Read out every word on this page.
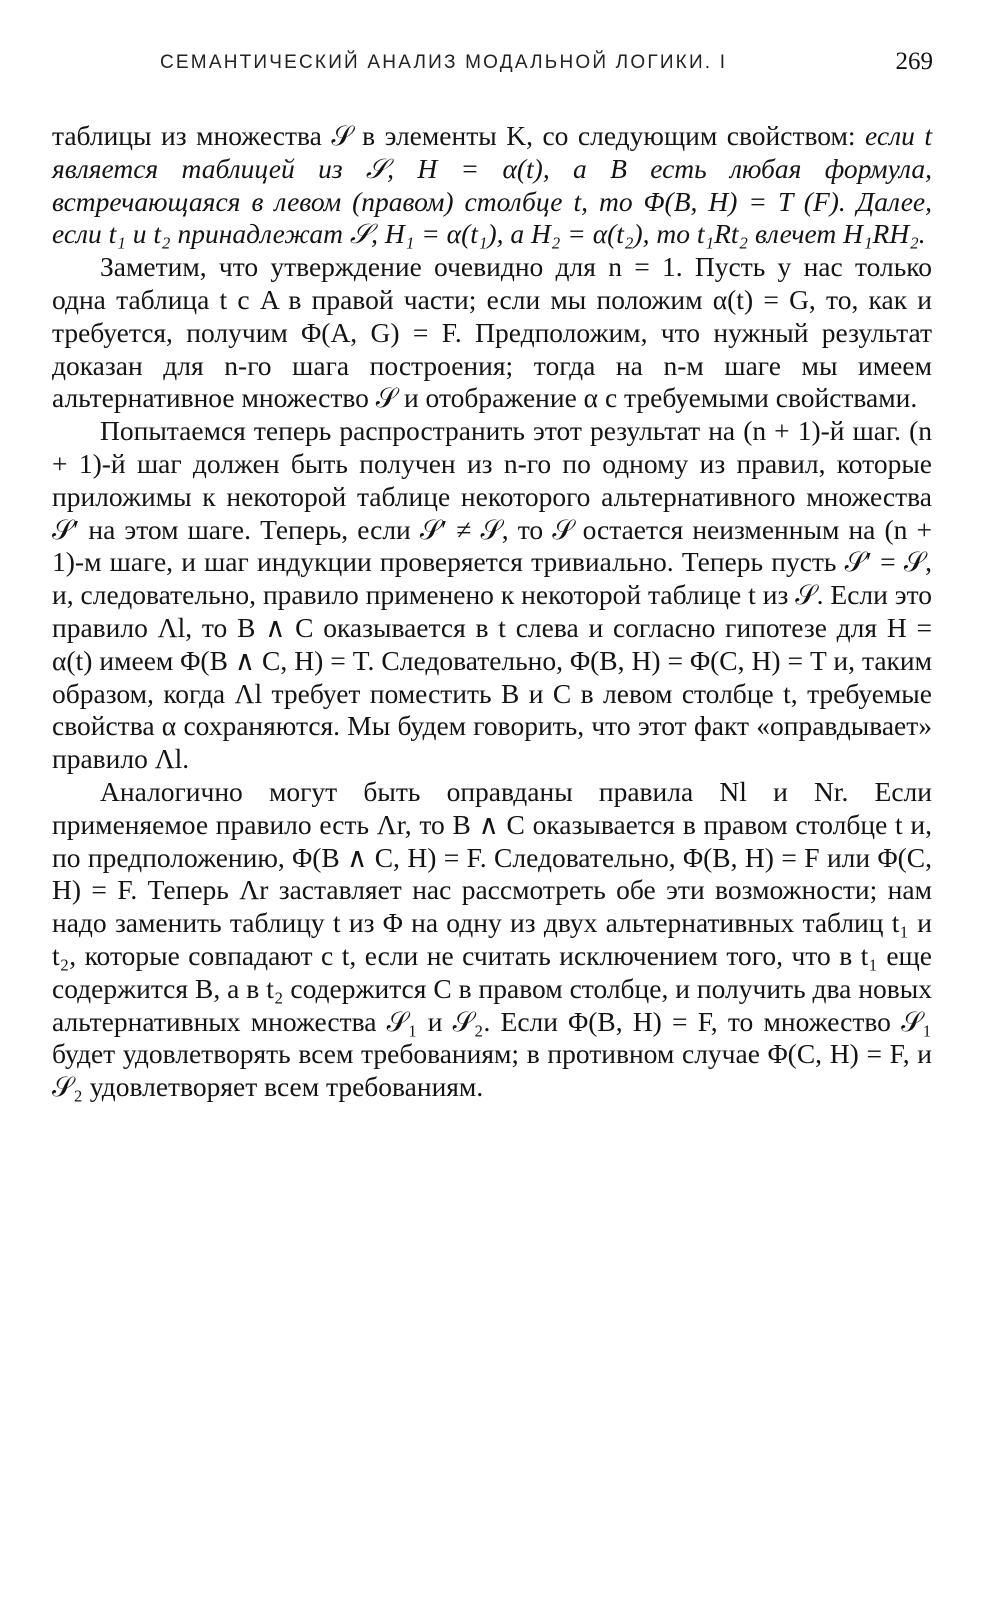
СЕМАНТИЧЕСКИЙ АНАЛИЗ МОДАЛЬНОЙ ЛОГИКИ. I	269

таблицы из множества 𝒮 в элементы K, со следующим свойством: если t является таблицей из 𝒮, H = α(t), а B есть любая формула, встречающаяся в левом (правом) столбце t, то Φ(B, H) = T (F). Далее, если t₁ и t₂ принадлежат 𝒮, H₁ = α(t₁), а H₂ = α(t₂), то t₁Rt₂ влечет H₁RH₂.

Заметим, что утверждение очевидно для n = 1. Пусть у нас только одна таблица t с A в правой части; если мы положим α(t) = G, то, как и требуется, получим Φ(A, G) = F. Предположим, что нужный результат доказан для n-го шага построения; тогда на n-м шаге мы имеем альтернативное множество 𝒮 и отображение α с требуемыми свойствами.

Попытаемся теперь распространить этот результат на (n + 1)-й шаг. (n + 1)-й шаг должен быть получен из n-го по одному из правил, которые приложимы к некоторой таблице некоторого альтернативного множества 𝒮′ на этом шаге. Теперь, если 𝒮′ ≠ 𝒮, то 𝒮 остается неизменным на (n + 1)-м шаге, и шаг индукции проверяется тривиально. Теперь пусть 𝒮′ = 𝒮, и, следовательно, правило применено к некоторой таблице t из 𝒮. Если это правило Λl, то B ∧ C оказывается в t слева и согласно гипотезе для H = α(t) имеем Φ(B ∧ C, H) = T. Следовательно, Φ(B, H) = Φ(C, H) = T и, таким образом, когда Λl требует поместить B и C в левом столбце t, требуемые свойства α сохраняются. Мы будем говорить, что этот факт «оправдывает» правило Λl.

Аналогично могут быть оправданы правила Nl и Nr. Если применяемое правило есть Λr, то B ∧ C оказывается в правом столбце t и, по предположению, Φ(B ∧ C, H) = F. Следовательно, Φ(B, H) = F или Φ(C, H) = F. Теперь Λr заставляет нас рассмотреть обе эти возможности; нам надо заменить таблицу t из Φ на одну из двух альтернативных таблиц t₁ и t₂, которые совпадают с t, если не считать исключением того, что в t₁ еще содержится B, а в t₂ содержится C в правом столбце, и получить два новых альтернативных множества 𝒮₁ и 𝒮₂. Если Φ(B, H) = F, то множество 𝒮₁ будет удовлетворять всем требованиям; в противном случае Φ(C, H) = F, и 𝒮₂ удовлетворяет всем требованиям.
